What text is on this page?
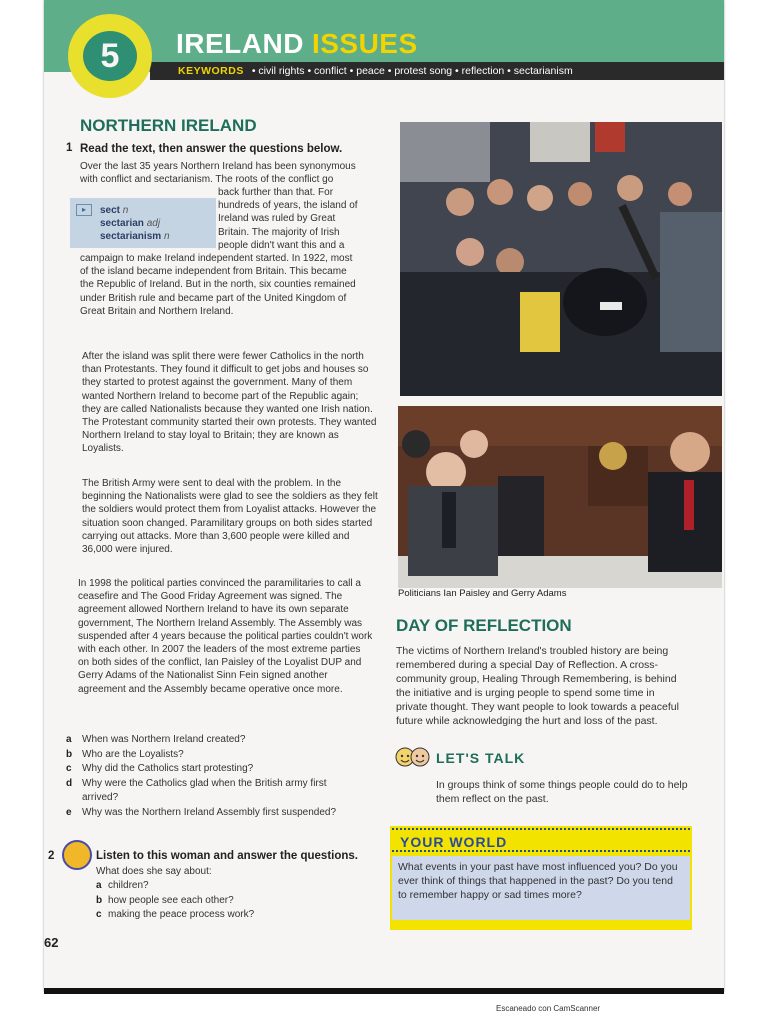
KEYWORDS • civil rights • conflict • peace • protest song • reflection • sectarianism
5	IRELAND ISSUES
NORTHERN IRELAND
1 Read the text, then answer the questions below.
Over the last 35 years Northern Ireland has been synonymous
with conflict and sectarianism. The roots of the conflict go
back further than that. For
hundreds of years, the island of
Ireland was ruled by Great
Britain. The majority of Irish
people didn't want this and a
campaign to make Ireland independent started. In 1922, most
of the island became independent from Britain. This became
the Republic of Ireland. But in the north, six counties remained
under British rule and became part of the United Kingdom of
Great Britain and Northern Ireland.
▸	sect n
sectarian adj
sectarianism n
After the island was split there were fewer Catholics in the north than Protestants. They found it difficult to get jobs and houses so they started to protest against the government. Many of them wanted Northern Ireland to become part of the Republic again; they are called Nationalists because they wanted one Irish nation. The Protestant community started their own protests. They wanted Northern Ireland to stay loyal to Britain; they are known as Loyalists.
The British Army were sent to deal with the problem. In the beginning the Nationalists were glad to see the soldiers as they felt the soldiers would protect them from Loyalist attacks. However the situation soon changed. Paramilitary groups on both sides started carrying out attacks. More than 3,600 people were killed and 36,000 were injured.
In 1998 the political parties convinced the paramilitaries to call a ceasefire and The Good Friday Agreement was signed. The agreement allowed Northern Ireland to have its own separate government, The Northern Ireland Assembly. The Assembly was suspended after 4 years because the political parties couldn't work with each other. In 2007 the leaders of the most extreme parties on both sides of the conflict, Ian Paisley of the Loyalist DUP and Gerry Adams of the Nationalist Sinn Fein signed another agreement and the Assembly became operative once more.
a When was Northern Ireland created?
b Who are the Loyalists?
c Why did the Catholics start protesting?
d Why were the Catholics glad when the British army first arrived?
e Why was the Northern Ireland Assembly first suspended?
2	Listen to this woman and answer the questions.
What does she say about:
a children?
b how people see each other?
c making the peace process work?
Politicians Ian Paisley and Gerry Adams
DAY OF REFLECTION
The victims of Northern Ireland's troubled history are being remembered during a special Day of Reflection. A cross-community group, Healing Through Remembering, is behind the initiative and is urging people to spend some time in private thought. They want people to look towards a peaceful future while acknowledging the hurt and loss of the past.
LET'S TALK
In groups think of some things people could do to help them reflect on the past.
YOUR WORLD
What events in your past have most influenced you? Do you ever think of things that happened in the past? Do you tend to remember happy or sad times more?
62
Escaneado con CamScanner
